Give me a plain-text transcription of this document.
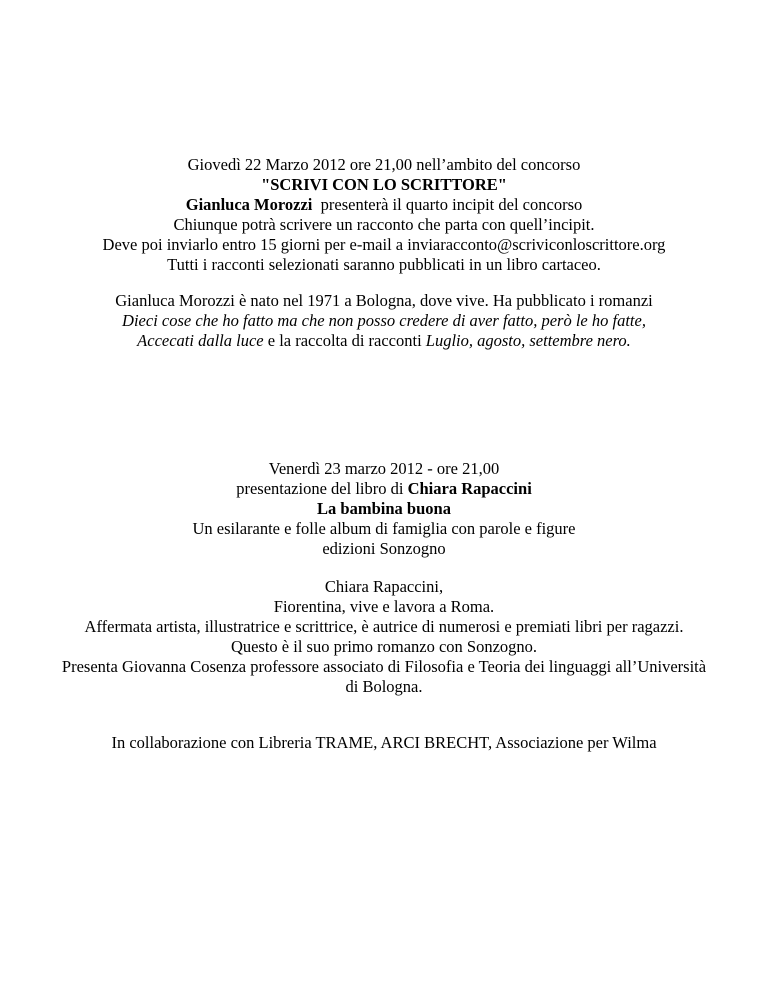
Giovedì 22 Marzo 2012 ore 21,00 nell’ambito del concorso
"SCRIVI CON LO SCRITTORE"
Gianluca Morozzi  presenterà il quarto incipit del concorso
Chiunque potrà scrivere un racconto che parta con quell’incipit.
Deve poi inviarlo entro 15 giorni per e-mail a inviaracconto@scriviconloscrittore.org
Tutti i racconti selezionati saranno pubblicati in un libro cartaceo.
Gianluca Morozzi è nato nel 1971 a Bologna, dove vive. Ha pubblicato i romanzi
Dieci cose che ho fatto ma che non posso credere di aver fatto, però le ho fatte,
Accecati dalla luce e la raccolta di racconti Luglio, agosto, settembre nero.
Venerdì 23 marzo 2012 - ore 21,00
presentazione del libro di Chiara Rapaccini
La bambina buona
Un esilarante e folle album di famiglia con parole e figure
edizioni Sonzogno
Chiara Rapaccini,
Fiorentina, vive e lavora a Roma.
Affermata artista, illustratrice e scrittrice, è autrice di numerosi e premiati libri per ragazzi.
Questo è il suo primo romanzo con Sonzogno.
Presenta Giovanna Cosenza professore associato di Filosofia e Teoria dei linguaggi all’Università di Bologna.
In collaborazione con Libreria TRAME, ARCI BRECHT, Associazione per Wilma
